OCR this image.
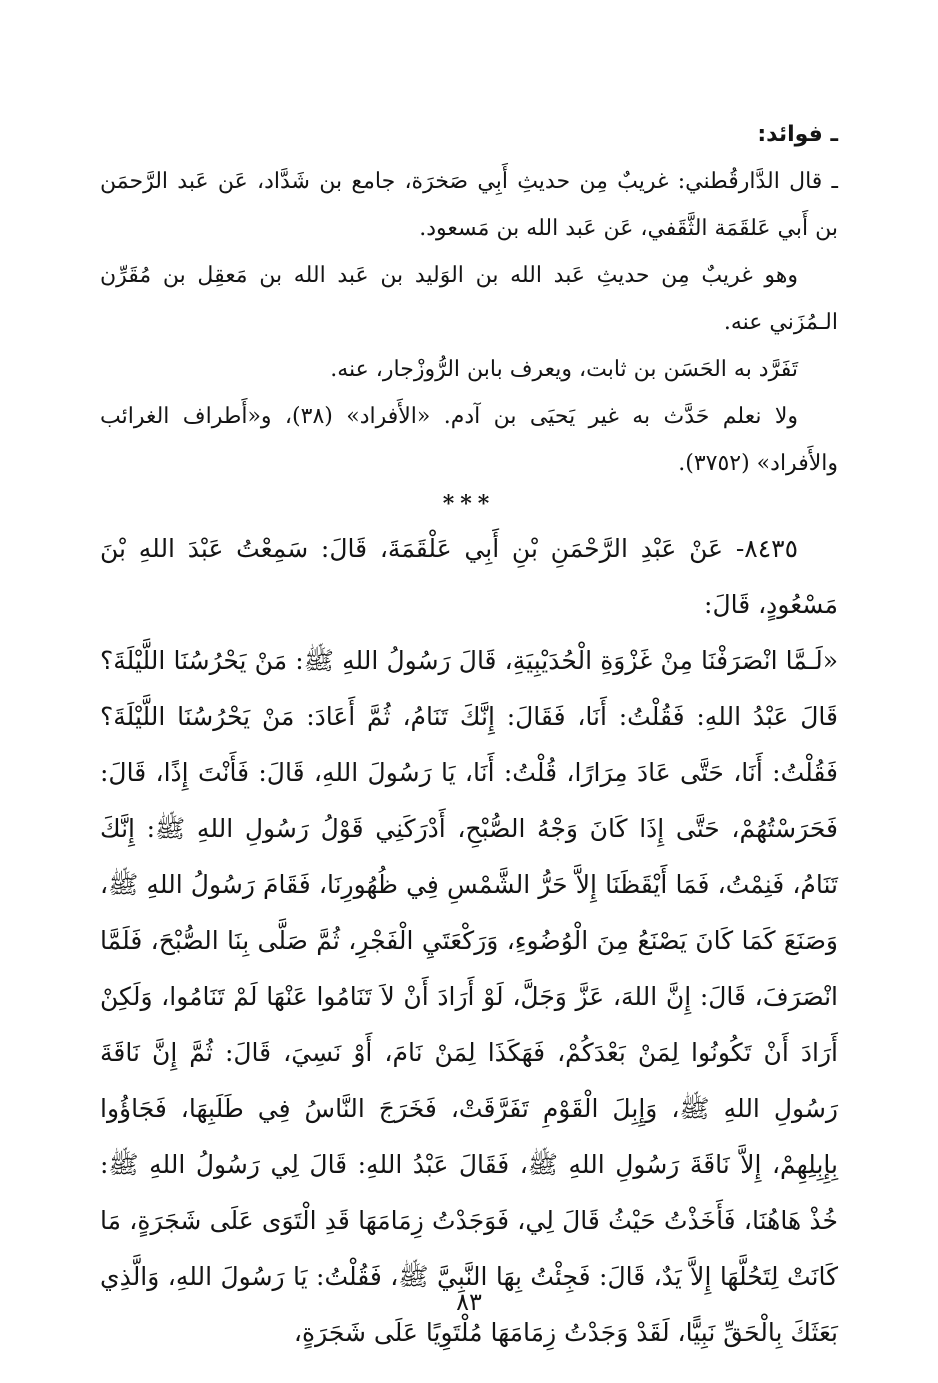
ـ فوائد:

ـ قال الدَّارقُطني: غريبٌ مِن حديثِ أَبِي صَخرَة، جامع بن شَدَّاد، عَن عَبد الرَّحمَن بن أَبي عَلقَمَة الثَّقَفي، عَن عَبد الله بن مَسعود.

وهو غريبٌ مِن حديثِ عَبد الله بن الوَليد بن عَبد الله بن مَعقِل بن مُقَرِّن الـمُزَني عنه.

تَفَرَّد به الحَسَن بن ثابت، ويعرف بابن الرُّوزْجار، عنه.

ولا نعلم حَدَّث به غير يَحيَى بن آدم. «الأَفراد» (٣٨)، و«أَطراف الغرائب والأَفراد» (٣٧٥٢).

***

٨٤٣٥- عَنْ عَبْدِ الرَّحْمَنِ بْنِ أَبِي عَلْقَمَةَ، قَالَ: سَمِعْتُ عَبْدَ اللهِ بْنَ مَسْعُودٍ، قَالَ:

«لَـمَّا انْصَرَفْنَا مِنْ غَزْوَةِ الْحُدَيْبِيَةِ، قَالَ رَسُولُ اللهِ ﷺ: مَنْ يَحْرُسُنَا اللَّيْلَةَ؟ قَالَ عَبْدُ اللهِ: فَقُلْتُ: أَنَا، فَقَالَ: إِنَّكَ تَنَامُ، ثُمَّ أَعَادَ: مَنْ يَحْرُسُنَا اللَّيْلَةَ؟ فَقُلْتُ: أَنَا، حَتَّى عَادَ مِرَارًا، قُلْتُ: أَنَا، يَا رَسُولَ اللهِ، قَالَ: فَأَنْتَ إِذًا، قَالَ: فَحَرَسْتُهُمْ، حَتَّى إِذَا كَانَ وَجْهُ الصُّبْحِ، أَدْرَكَنِي قَوْلُ رَسُولِ اللهِ ﷺ: إِنَّكَ تَنَامُ، فَنِمْتُ، فَمَا أَيْقَظَنَا إِلاَّ حَرُّ الشَّمْسِ فِي ظُهُورِنَا، فَقَامَ رَسُولُ اللهِ ﷺ، وَصَنَعَ كَمَا كَانَ يَصْنَعُ مِنَ الْوُضُوءِ، وَرَكْعَتَيِ الْفَجْرِ، ثُمَّ صَلَّى بِنَا الصُّبْحَ، فَلَمَّا انْصَرَفَ، قَالَ: إِنَّ اللهَ، عَزَّ وَجَلَّ، لَوْ أَرَادَ أَنْ لاَ تَنَامُوا عَنْهَا لَمْ تَنَامُوا، وَلَكِنْ أَرَادَ أَنْ تَكُونُوا لِمَنْ بَعْدَكُمْ، فَهَكَذَا لِمَنْ نَامَ، أَوْ نَسِيَ، قَالَ: ثُمَّ إِنَّ نَاقَةَ رَسُولِ اللهِ ﷺ، وَإِبِلَ الْقَوْمِ تَفَرَّقَتْ، فَخَرَجَ النَّاسُ فِي طَلَبِهَا، فَجَاؤُوا بِإِبِلِهِمْ، إِلاَّ نَاقَةَ رَسُولِ اللهِ ﷺ، فَقَالَ عَبْدُ اللهِ: قَالَ لِي رَسُولُ اللهِ ﷺ: خُذْ هَاهُنَا، فَأَخَذْتُ حَيْثُ قَالَ لِي، فَوَجَدْتُ زِمَامَهَا قَدِ الْتَوَى عَلَى شَجَرَةٍ، مَا كَانَتْ لِتَحُلَّهَا إِلاَّ يَدٌ، قَالَ: فَجِئْتُ بِهَا النَّبِيَّ ﷺ، فَقُلْتُ: يَا رَسُولَ اللهِ، وَالَّذِي بَعَثَكَ بِالْحَقِّ نَبِيًّا، لَقَدْ وَجَدْتُ زِمَامَهَا مُلْتَوِيًا عَلَى شَجَرَةٍ،

٨٣
